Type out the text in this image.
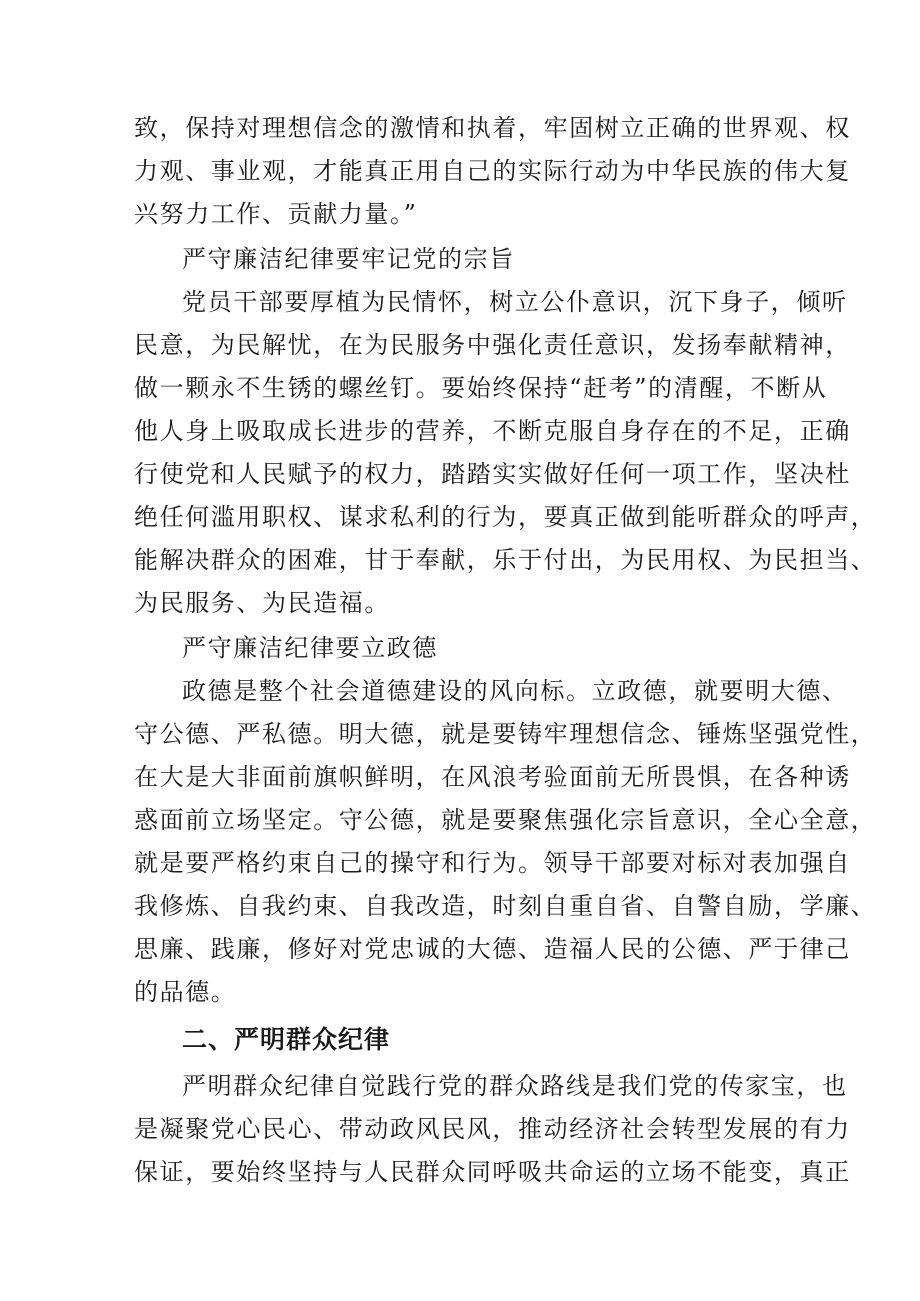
致，保持对理想信念的激情和执着，牢固树立正确的世界观、权
力观、事业观，才能真正用自己的实际行动为中华民族的伟大复
兴努力工作、贡献力量。”
严守廉洁纪律要牢记党的宗旨
党员干部要厚植为民情怀，树立公仆意识，沉下身子，倾听
民意，为民解忧，在为民服务中强化责任意识，发扬奉献精神，
做一颗永不生锈的螺丝钉。要始终保持“赶考”的清醒，不断从
他人身上吸取成长进步的营养，不断克服自身存在的不足，正确
行使党和人民赋予的权力，踏踏实实做好任何一项工作，坚决杜
绝任何滥用职权、谋求私利的行为，要真正做到能听群众的呼声，
能解决群众的困难，甘于奉献，乐于付出，为民用权、为民担当、
为民服务、为民造福。
严守廉洁纪律要立政德
政德是整个社会道德建设的风向标。立政德，就要明大德、
守公德、严私德。明大德，就是要铸牢理想信念、锤炼坚强党性，
在大是大非面前旗帜鲜明，在风浪考验面前无所畏惧，在各种诱
惑面前立场坚定。守公德，就是要聚焦强化宗旨意识，全心全意，
就是要严格约束自己的操守和行为。领导干部要对标对表加强自
我修炼、自我约束、自我改造，时刻自重自省、自警自励，学廉、
思廉、践廉，修好对党忠诚的大德、造福人民的公德、严于律己
的品德。
二、严明群众纪律
严明群众纪律自觉践行党的群众路线是我们党的传家宝，也
是凝聚党心民心、带动政风民风，推动经济社会转型发展的有力
保证，要始终坚持与人民群众同呼吸共命运的立场不能变，真正
